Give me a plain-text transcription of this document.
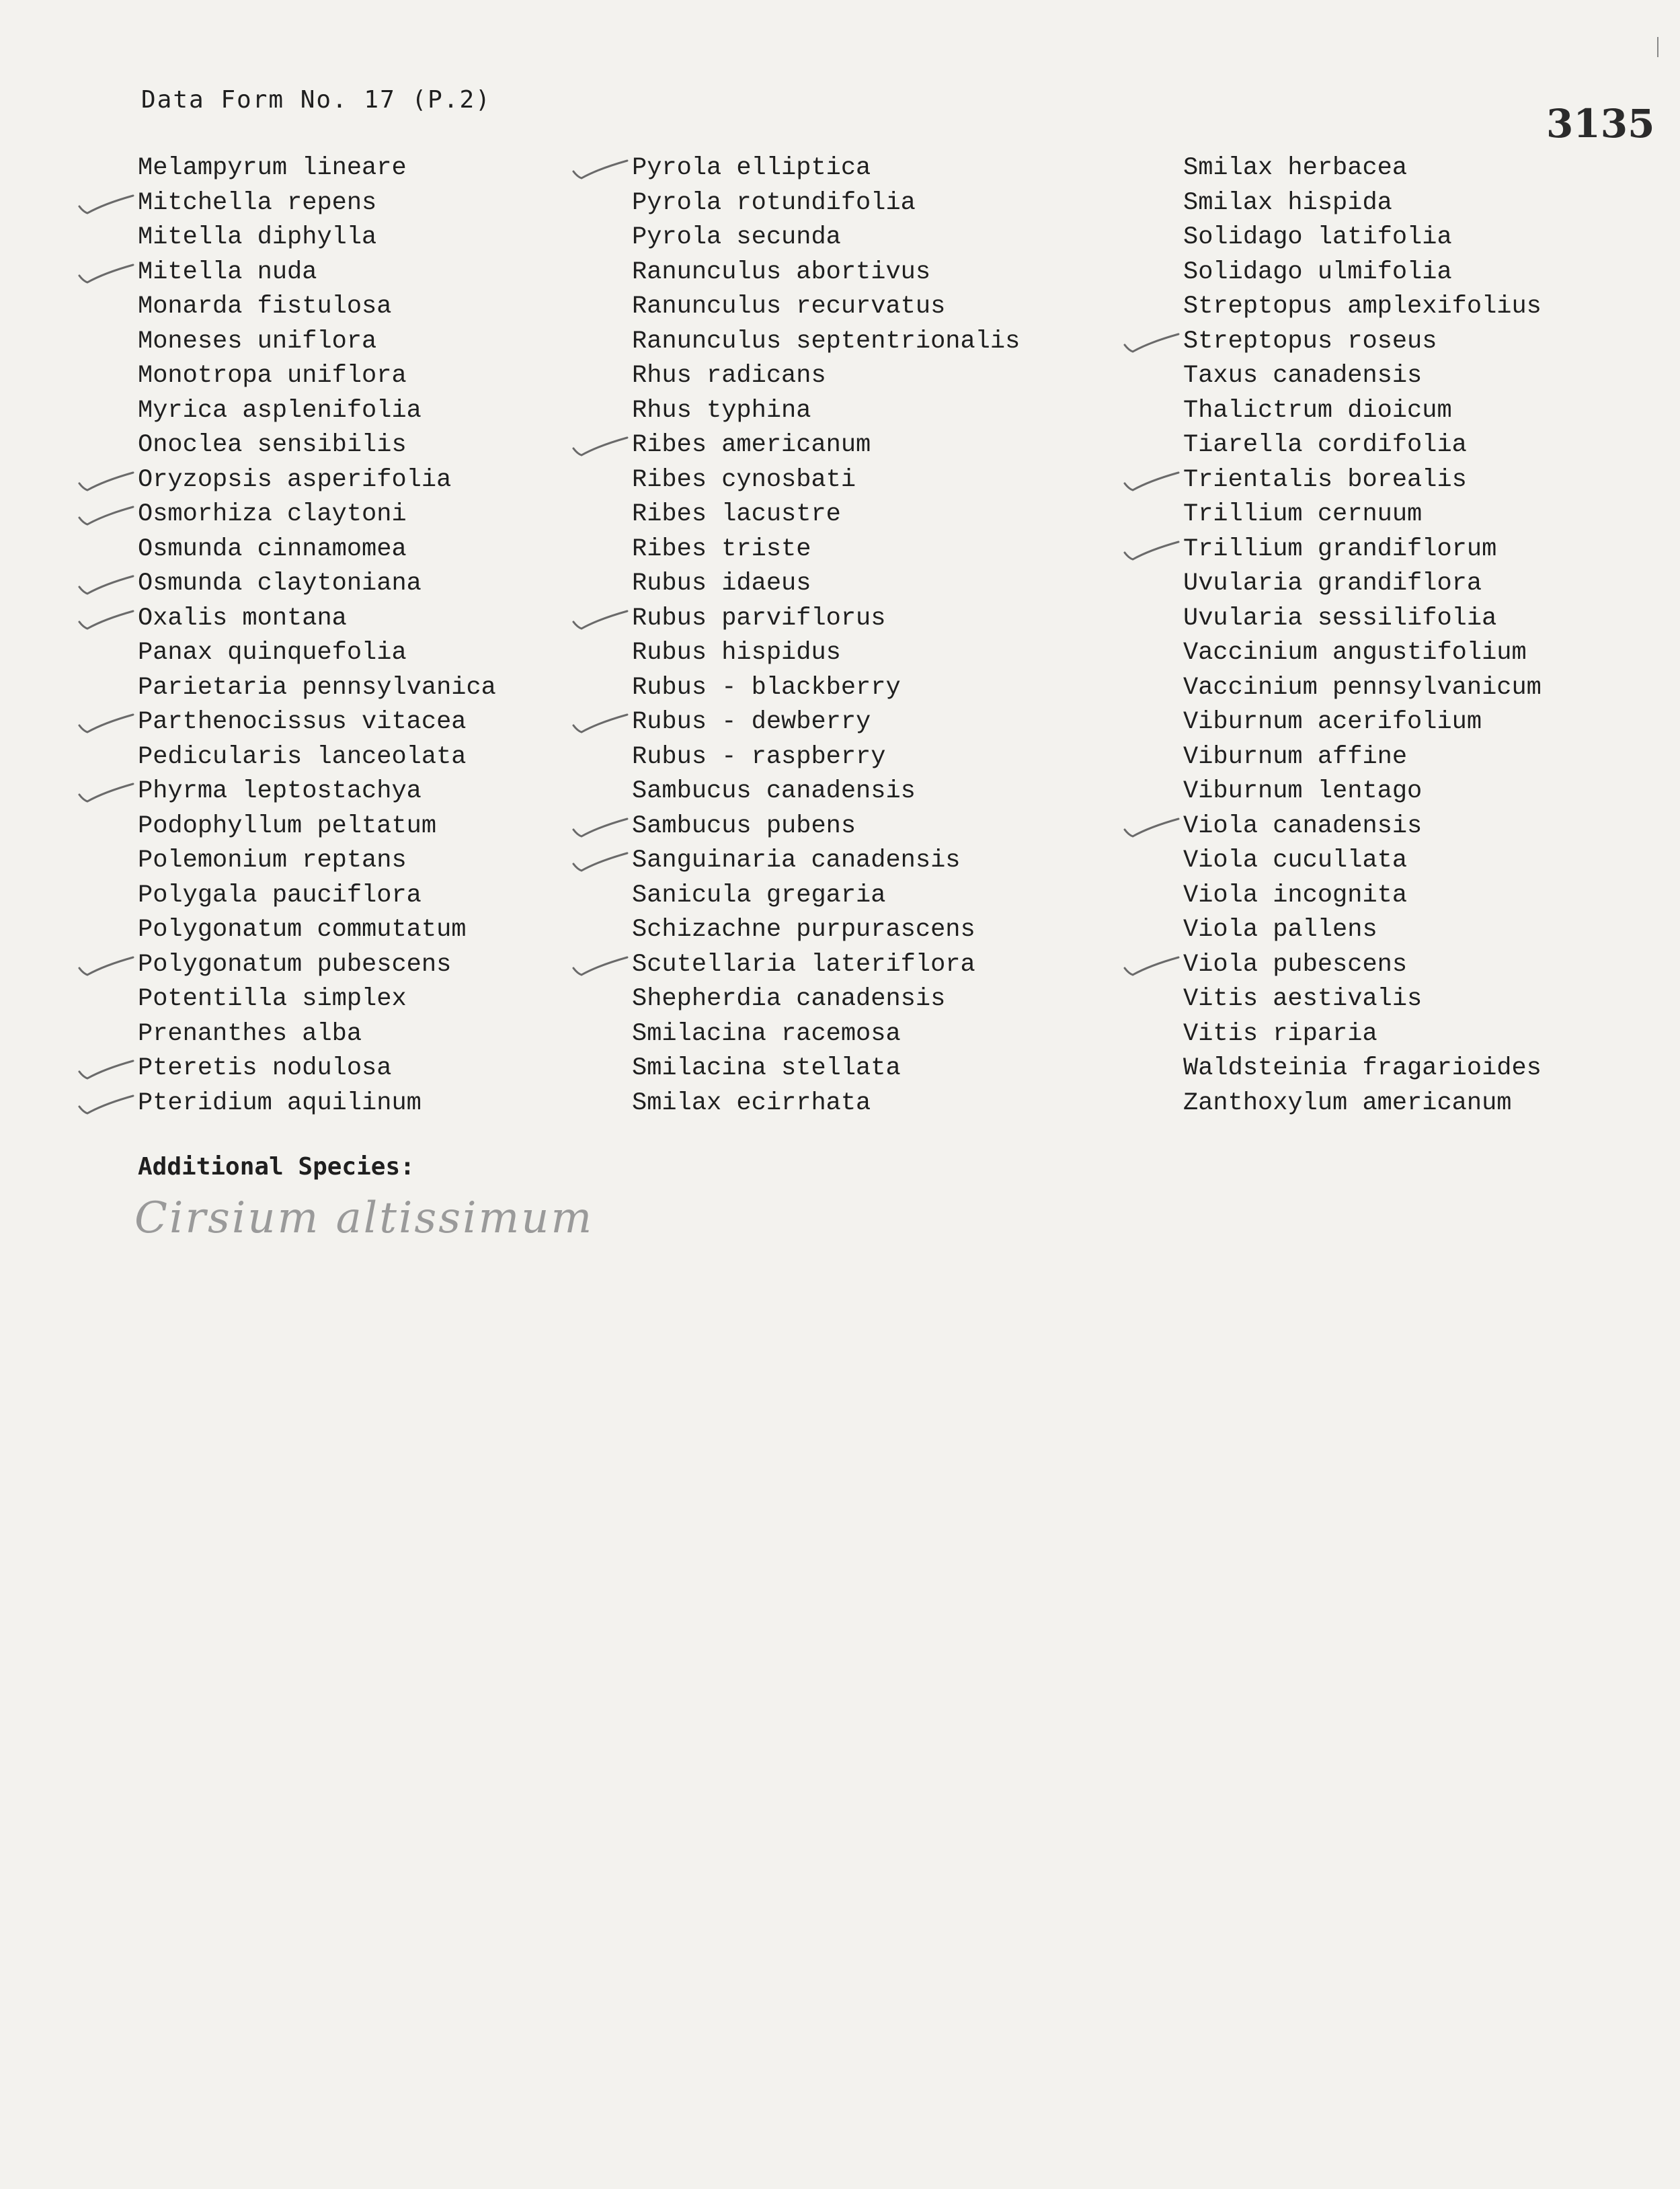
Data Form No. 17 (P.2)
3135
Melampyrum lineare
Mitchella repens
Mitella diphylla
Mitella nuda
Monarda fistulosa
Moneses uniflora
Monotropa uniflora
Myrica asplenifolia
Onoclea sensibilis
Oryzopsis asperifolia
Osmorhiza claytoni
Osmunda cinnamomea
Osmunda claytoniana
Oxalis montana
Panax quinquefolia
Parietaria pennsylvanica
Parthenocissus vitacea
Pedicularis lanceolata
Phyrma leptostachya
Podophyllum peltatum
Polemonium reptans
Polygala pauciflora
Polygonatum commutatum
Polygonatum pubescens
Potentilla simplex
Prenanthes alba
Pteretis nodulosa
Pteridium aquilinum
Pyrola elliptica
Pyrola rotundifolia
Pyrola secunda
Ranunculus abortivus
Ranunculus recurvatus
Ranunculus septentrionalis
Rhus radicans
Rhus typhina
Ribes americanum
Ribes cynosbati
Ribes lacustre
Ribes triste
Rubus idaeus
Rubus parviflorus
Rubus hispidus
Rubus - blackberry
Rubus - dewberry
Rubus - raspberry
Sambucus canadensis
Sambucus pubens
Sanguinaria canadensis
Sanicula gregaria
Schizachne purpurascens
Scutellaria lateriflora
Shepherdia canadensis
Smilacina racemosa
Smilacina stellata
Smilax ecirrhata
Smilax herbacea
Smilax hispida
Solidago latifolia
Solidago ulmifolia
Streptopus amplexifolius
Streptopus roseus
Taxus canadensis
Thalictrum dioicum
Tiarella cordifolia
Trientalis borealis
Trillium cernuum
Trillium grandiflorum
Uvularia grandiflora
Uvularia sessilifolia
Vaccinium angustifolium
Vaccinium pennsylvanicum
Viburnum acerifolium
Viburnum affine
Viburnum lentago
Viola canadensis
Viola cucullata
Viola incognita
Viola pallens
Viola pubescens
Vitis aestivalis
Vitis riparia
Waldsteinia fragarioides
Zanthoxylum americanum
Additional Species:
Cirsium altissimum
